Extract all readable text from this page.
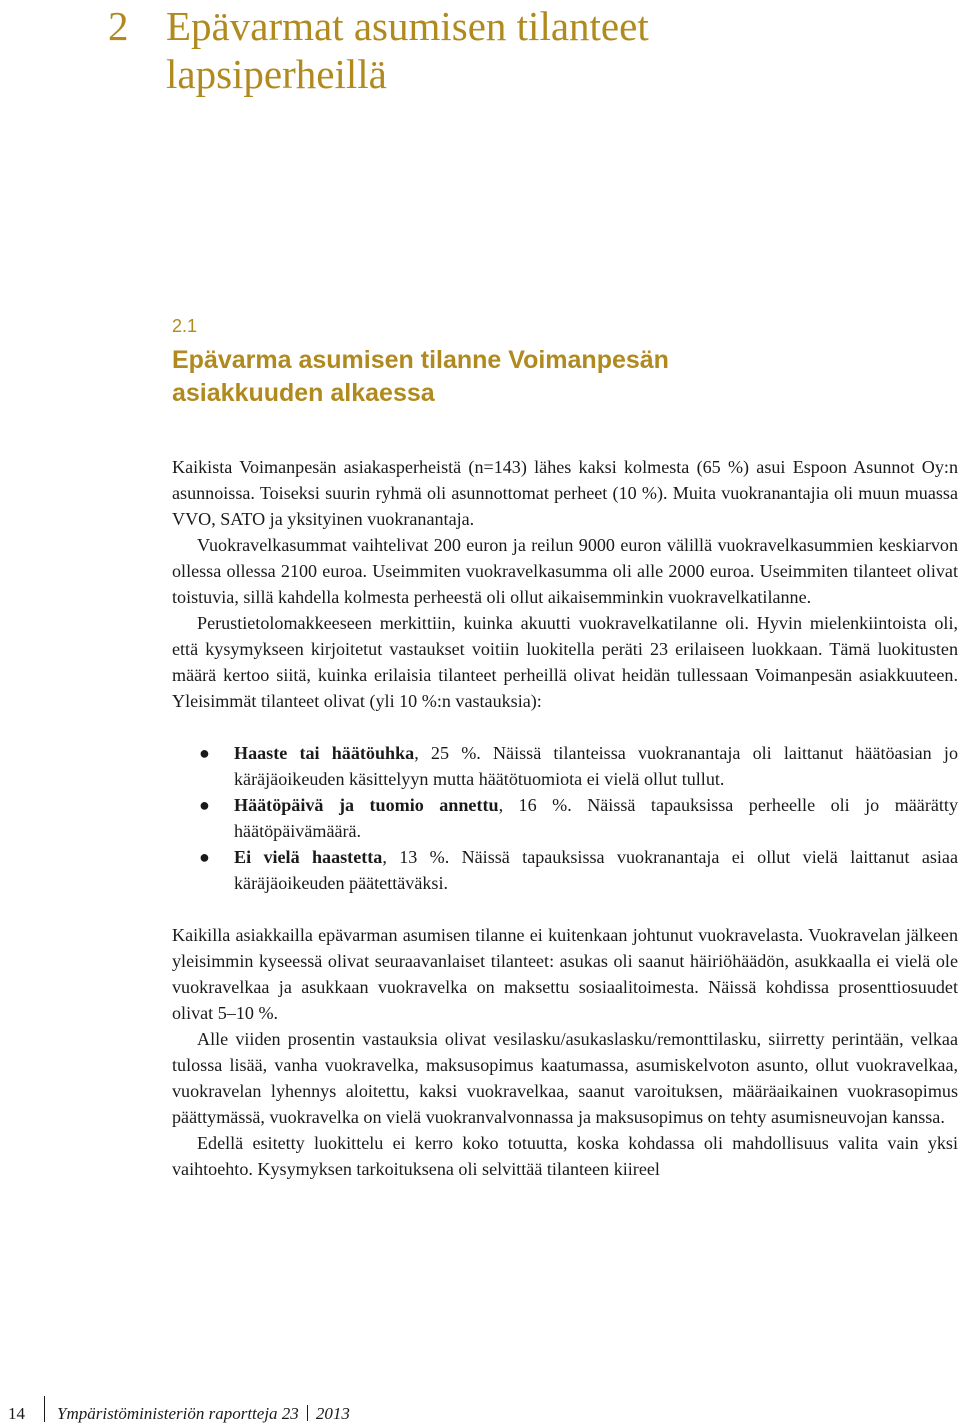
2 Epävarmat asumisen tilanteet
lapsiperheillä
2.1
Epävarma asumisen tilanne Voimanpesän
asiakkuuden alkaessa

Kaikista Voimanpesän asiakasperheistä (n=143) lähes kaksi kolmesta (65 %) asui Espoon Asunnot Oy:n asunnoissa. Toiseksi suurin ryhmä oli asunnottomat perheet (10 %). Muita vuokranantajia oli muun muassa VVO, SATO ja yksityinen vuokranantaja.

Vuokravelkasummat vaihtelivat 200 euron ja reilun 9000 euron välillä vuokravelkasummien keskiarvon ollessa ollessa 2100 euroa. Useimmiten vuokravelkasumma oli alle 2000 euroa. Useimmiten tilanteet olivat toistuvia, sillä kahdella kolmesta perheestä oli ollut aikaisemminkin vuokravelkatilanne.

Perustietolomakkeeseen merkittiin, kuinka akuutti vuokravelkatilanne oli. Hyvin mielenkiintoista oli, että kysymykseen kirjoitetut vastaukset voitiin luokitella peräti 23 erilaiseen luokkaan. Tämä luokitusten määrä kertoo siitä, kuinka erilaisia tilanteet perheillä olivat heidän tullessaan Voimanpesän asiakkuuteen. Yleisimmät tilanteet olivat (yli 10 %:n vastauksia):

● Haaste tai häätöuhka, 25 %. Näissä tilanteissa vuokranantaja oli laittanut häätöasian jo käräjäoikeuden käsittelyyn mutta häätötuomiota ei vielä ollut tullut.
● Häätöpäivä ja tuomio annettu, 16 %. Näissä tapauksissa perheelle oli jo määrätty häätöpäivämäärä.
● Ei vielä haastetta, 13 %. Näissä tapauksissa vuokranantaja ei ollut vielä laittanut asiaa käräjäoikeuden päätettäväksi.

Kaikilla asiakkailla epävarman asumisen tilanne ei kuitenkaan johtunut vuokravelasta. Vuokravelan jälkeen yleisimmin kyseessä olivat seuraavanlaiset tilanteet: asukas oli saanut häiriöhäädön, asukkaalla ei vielä ole vuokravelkaa ja asukkaan vuokravelka on maksettu sosiaalitoimesta. Näissä kohdissa prosenttiosuudet olivat 5–10 %.

Alle viiden prosentin vastauksia olivat vesilasku/asukaslasku/remonttilasku, siirretty perintään, velkaa tulossa lisää, vanha vuokravelka, maksusopimus kaatumassa, asumiskelvoton asunto, ollut vuokravelkaa, vuokravelan lyhennys aloitettu, kaksi vuokravelkaa, saanut varoituksen, määräaikainen vuokrasopimus päättymässä, vuokravelka on vielä vuokranvalvonnassa ja maksusopimus on tehty asumisneuvojan kanssa.

Edellä esitetty luokittelu ei kerro koko totuutta, koska kohdassa oli mahdollisuus valita vain yksi vaihtoehto. Kysymyksen tarkoituksena oli selvittää tilanteen kiireel

14 Ympäristöministeriön raportteja 23 2013
